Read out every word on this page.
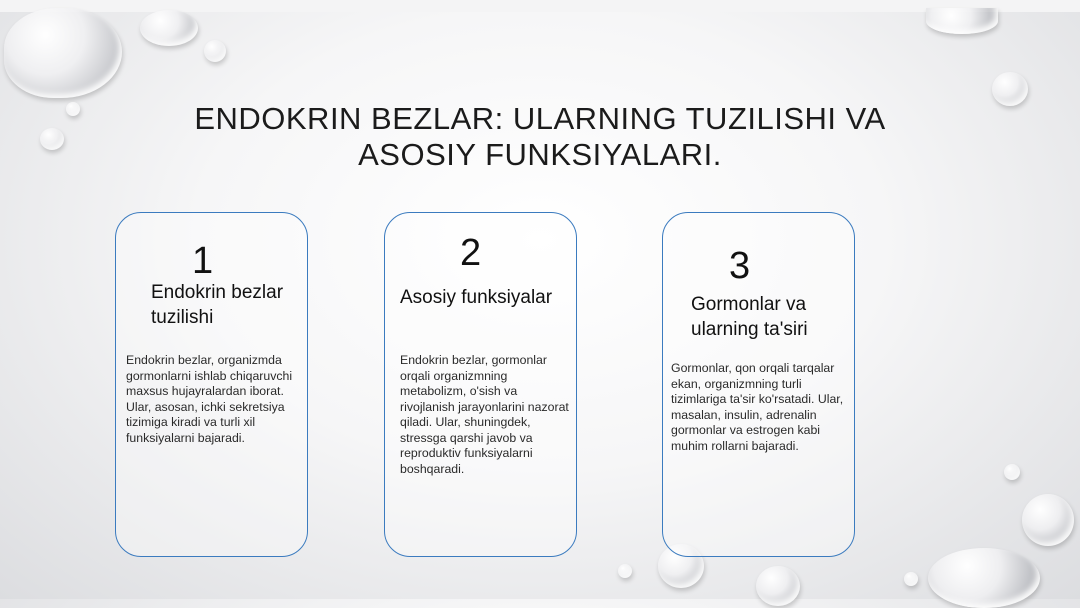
ENDOKRIN BEZLAR: ULARNING TUZILISHI VA ASOSIY FUNKSIYALARI.
1
Endokrin bezlar tuzilishi
Endokrin bezlar, organizmda gormonlarni ishlab chiqaruvchi maxsus hujayralardan iborat. Ular, asosan, ichki sekretsiya tizimiga kiradi va turli xil funksiyalarni bajaradi.
2
Asosiy funksiyalar
Endokrin bezlar, gormonlar orqali organizmning metabolizm, o'sish va rivojlanish jarayonlarini nazorat qiladi. Ular, shuningdek, stressga qarshi javob va reproduktiv funksiyalarni boshqaradi.
3
Gormonlar va ularning ta'siri
Gormonlar, qon orqali tarqalar ekan, organizmning turli tizimlariga ta'sir ko'rsatadi. Ular, masalan, insulin, adrenalin gormonlar va estrogen kabi muhim rollarni bajaradi.
